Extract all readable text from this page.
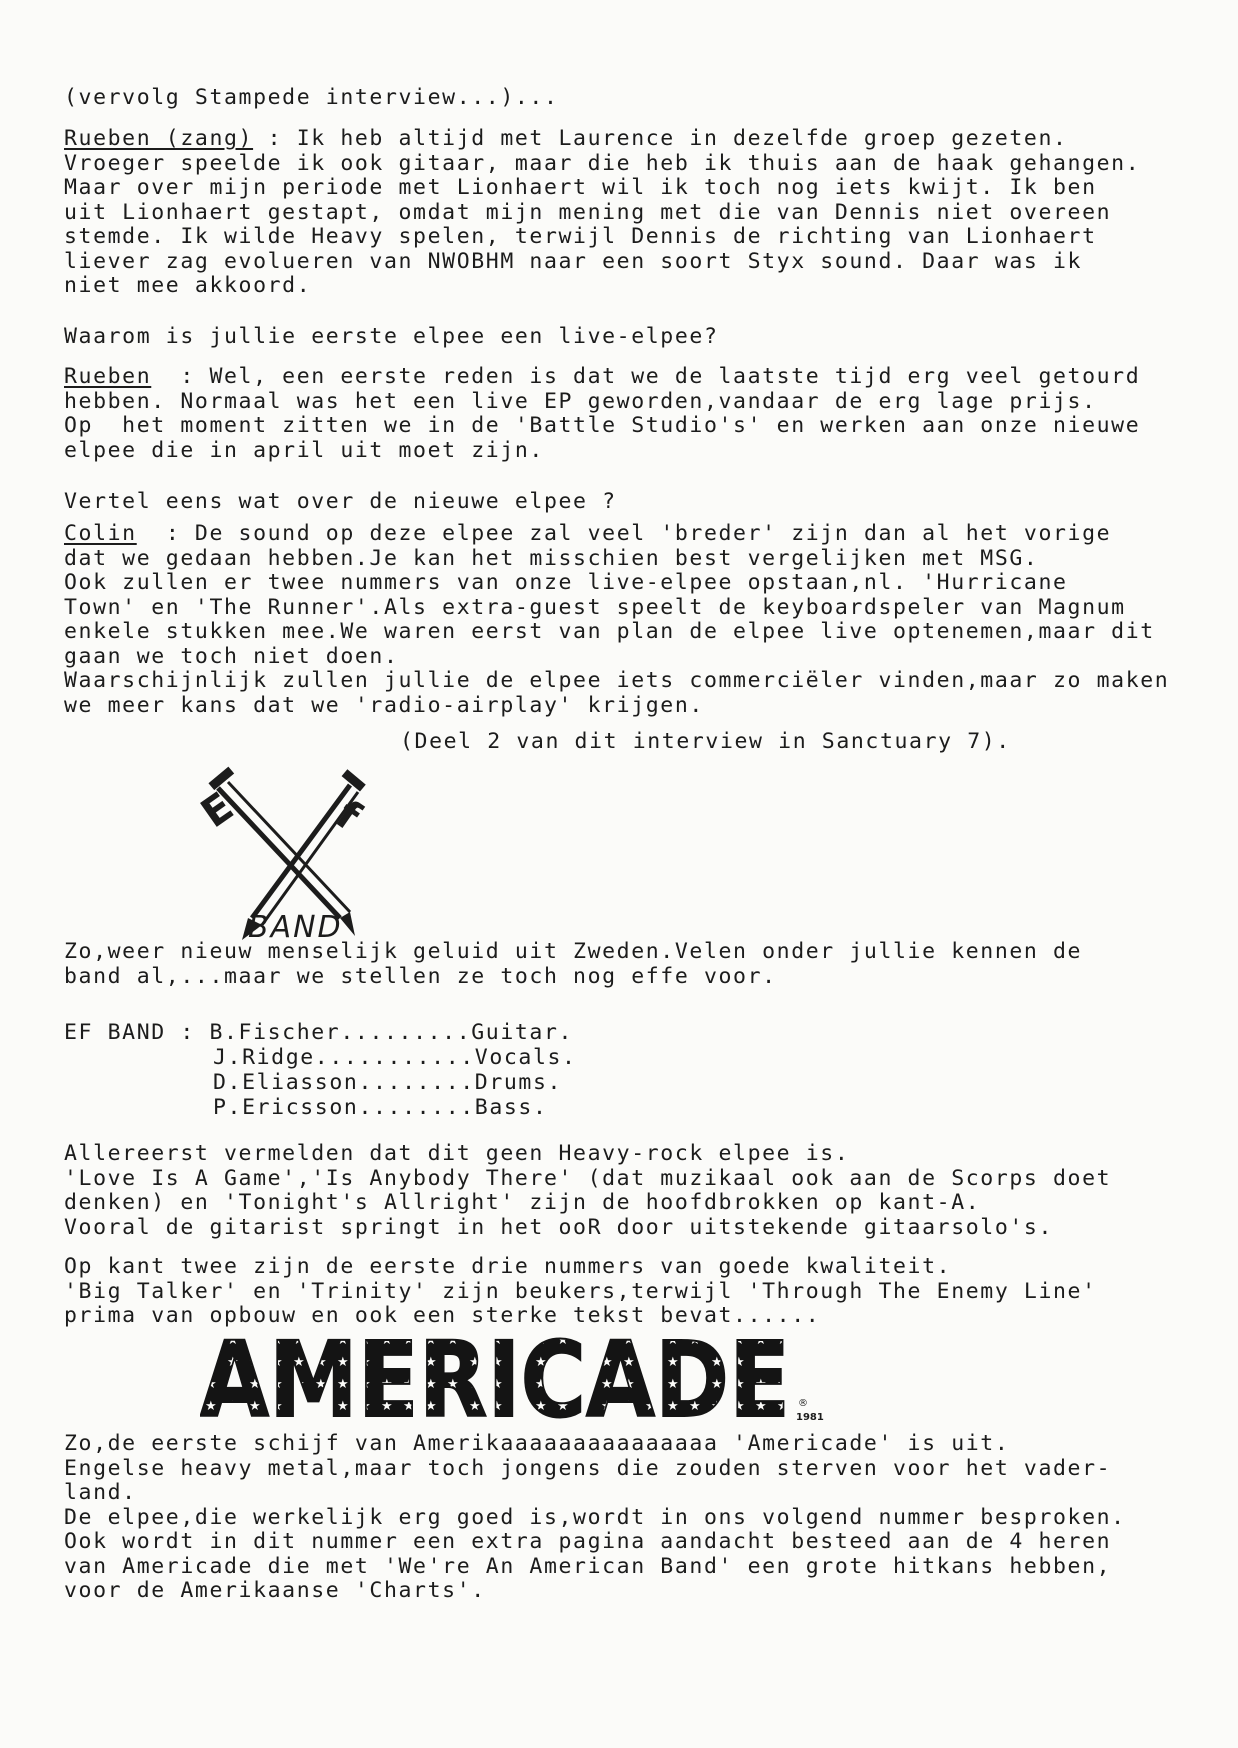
(vervolg Stampede interview...)...
Rueben (zang) : Ik heb altijd met Laurence in dezelfde groep gezeten.
Vroeger speelde ik ook gitaar, maar die heb ik thuis aan de haak gehangen.
Maar over mijn periode met Lionhaert wil ik toch nog iets kwijt. Ik ben
uit Lionhaert gestapt, omdat mijn mening met die van Dennis niet overeen
stemde. Ik wilde Heavy spelen, terwijl Dennis de richting van Lionhaert
liever zag evolueren van NWOBHM naar een soort Styx sound. Daar was ik
niet mee akkoord.
Waarom is jullie eerste elpee een live-elpee?
Rueben  : Wel, een eerste reden is dat we de laatste tijd erg veel getourd
hebben. Normaal was het een live EP geworden,vandaar de erg lage prijs.
Op  het moment zitten we in de 'Battle Studio's' en werken aan onze nieuwe
elpee die in april uit moet zijn.
Vertel eens wat over de nieuwe elpee ?
Colin  : De sound op deze elpee zal veel 'breder' zijn dan al het vorige
dat we gedaan hebben.Je kan het misschien best vergelijken met MSG.
Ook zullen er twee nummers van onze live-elpee opstaan,nl. 'Hurricane
Town' en 'The Runner'.Als extra-guest speelt de keyboardspeler van Magnum
enkele stukken mee.We waren eerst van plan de elpee live optenemen,maar dit
gaan we toch niet doen.
Waarschijnlijk zullen jullie de elpee iets commerciëler vinden,maar zo maken
we meer kans dat we 'radio-airplay' krijgen.
(Deel 2 van dit interview in Sanctuary 7).
E f
BAND
Zo,weer nieuw menselijk geluid uit Zweden.Velen onder jullie kennen de
band al,...maar we stellen ze toch nog effe voor.
EF BAND : B.Fischer.........Guitar.
J.Ridge...........Vocals.
D.Eliasson........Drums.
P.Ericsson........Bass.
Allereerst vermelden dat dit geen Heavy-rock elpee is.
'Love Is A Game','Is Anybody There' (dat muzikaal ook aan de Scorps doet
denken) en 'Tonight's Allright' zijn de hoofdbrokken op kant-A.
Vooral de gitarist springt in het ooR door uitstekende gitaarsolo's.
Op kant twee zijn de eerste drie nummers van goede kwaliteit.
'Big Talker' en 'Trinity' zijn beukers,terwijl 'Through The Enemy Line'
prima van opbouw en ook een sterke tekst bevat......
AMERICADE ®
1981
Zo,de eerste schijf van Amerikaaaaaaaaaaaaaaa 'Americade' is uit.
Engelse heavy metal,maar toch jongens die zouden sterven voor het vader-
land.
De elpee,die werkelijk erg goed is,wordt in ons volgend nummer besproken.
Ook wordt in dit nummer een extra pagina aandacht besteed aan de 4 heren
van Americade die met 'We're An American Band' een grote hitkans hebben,
voor de Amerikaanse 'Charts'.
